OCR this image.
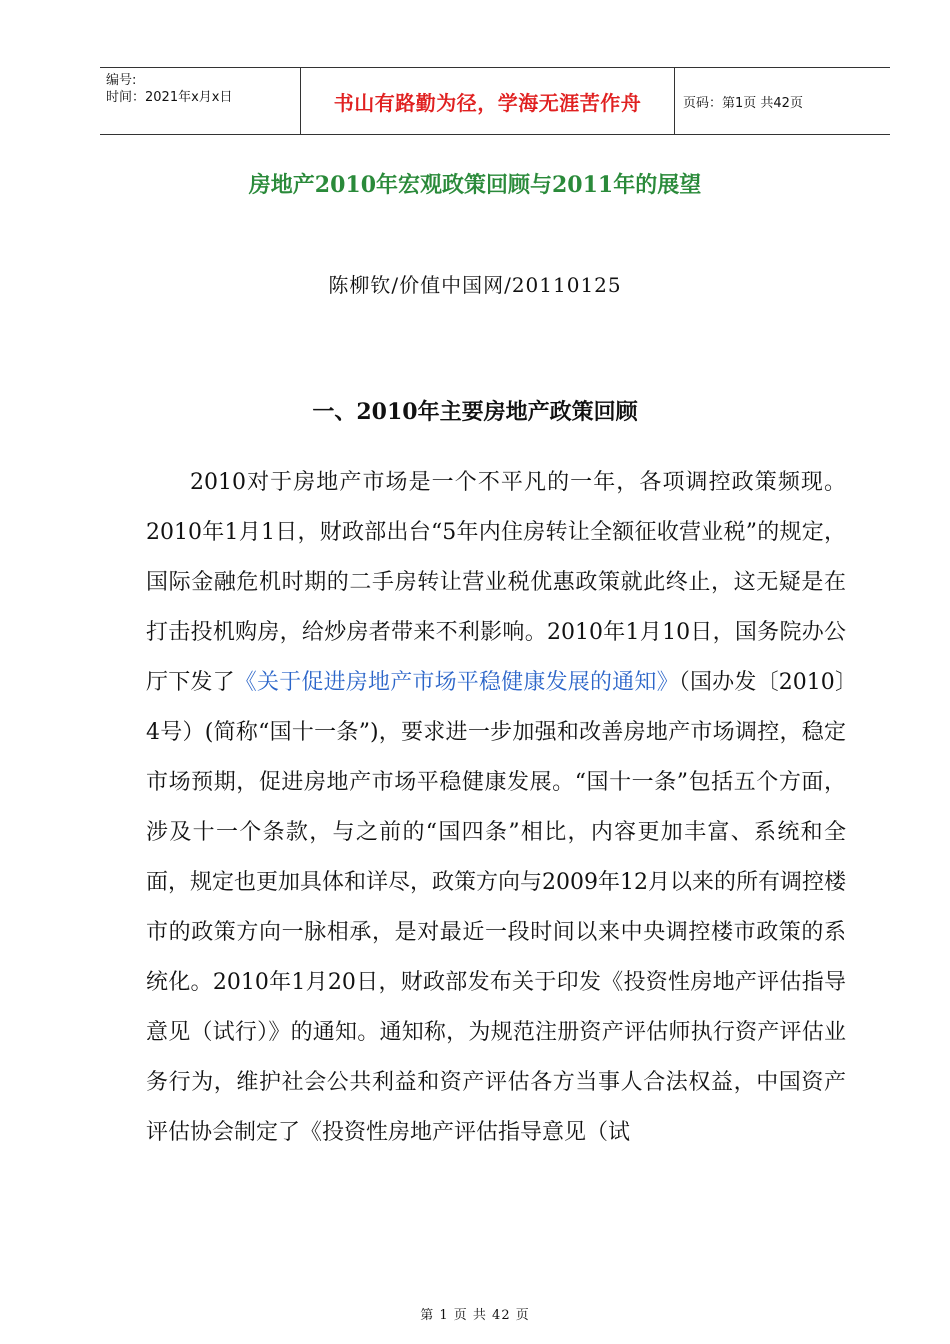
编号:
时间：2021年x月x日	书山有路勤为径，学海无涯苦作舟	页码：第1页 共42页
房地产2010年宏观政策回顾与2011年的展望
陈柳钦/价值中国网/20110125
一、2010年主要房地产政策回顾

2010对于房地产市场是一个不平凡的一年，各项调控政策频现。2010年1月1日，财政部出台“5年内住房转让全额征收营业税”的规定，国际金融危机时期的二手房转让营业税优惠政策就此终止，这无疑是在打击投机购房，给炒房者带来不利影响。2010年1月10日，国务院办公厅下发了《关于促进房地产市场平稳健康发展的通知》（国办发〔2010〕4号）(简称“国十一条”)，要求进一步加强和改善房地产市场调控，稳定市场预期，促进房地产市场平稳健康发展。“国十一条”包括五个方面，涉及十一个条款，与之前的“国四条”相比，内容更加丰富、系统和全面，规定也更加具体和详尽，政策方向与2009年12月以来的所有调控楼市的政策方向一脉相承，是对最近一段时间以来中央调控楼市政策的系统化。2010年1月20日，财政部发布关于印发《投资性房地产评估指导意见（试行）》的通知。通知称，为规范注册资产评估师执行资产评估业务行为，维护社会公共利益和资产评估各方当事人合法权益，中国资产评估协会制定了《投资性房地产评估指导意见（试

第 1 页 共 42 页
